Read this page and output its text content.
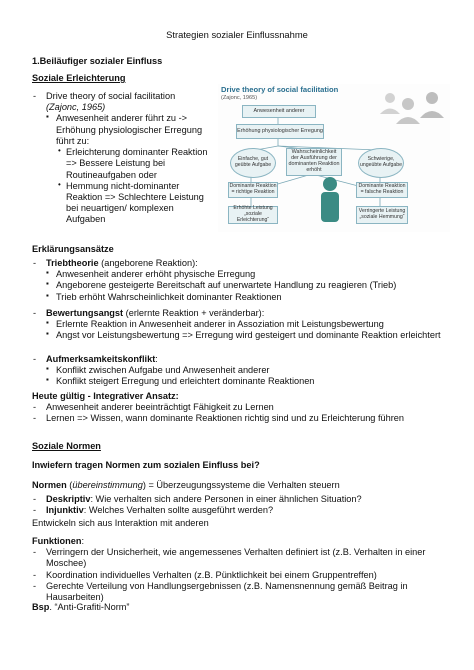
Strategien sozialer Einflussnahme
1.Beiläufiger sozialer Einfluss
Soziale Erleichterung
- Drive theory of social facilitation
(Zajonc, 1965)
▪ Anwesenheit anderer führt zu -> Erhöhung physiologischer Erregung führt zu:
• Erleichterung dominanter Reaktion => Bessere Leistung bei Routineaufgaben oder
• Hemmung nicht-dominanter Reaktion => Schlechtere Leistung bei neuartigen/ komplexen Aufgaben
Drive theory of social facilitation
(Zajonc, 1965)
Anwesenheit anderer
Erhöhung physiologischer Erregung
Einfache, gut geübte Aufgabe
Wahrscheinlichkeit der Ausführung der dominanten Reaktion erhöht
Schwierige, ungeübte Aufgabe
Dominante Reaktion = richtige Reaktion
Dominante Reaktion = falsche Reaktion
Erhöhte Leistung „soziale Erleichterung“
Verringerte Leistung „soziale Hemmung“
Erklärungsansätze
- Triebtheorie (angeborene Reaktion):
▪ Anwesenheit anderer erhöht physische Erregung
▪ Angeborene gesteigerte Bereitschaft auf unerwartete Handlung zu reagieren (Trieb)
▪ Trieb erhöht Wahrscheinlichkeit dominanter Reaktionen
- Bewertungsangst (erlernte Reaktion + veränderbar):
▪ Erlernte Reaktion in Anwesenheit anderer in Assoziation mit Leistungsbewertung
▪ Angst vor Leistungsbewertung => Erregung wird gesteigert und dominante Reaktion erleichtert
- Aufmerksamkeitskonflikt:
▪ Konflikt zwischen Aufgabe und Anwesenheit anderer
▪ Konflikt steigert Erregung und erleichtert dominante Reaktionen
Heute gültig - Integrativer Ansatz:
- Anwesenheit anderer beeinträchtigt Fähigkeit zu Lernen
- Lernen => Wissen, wann dominante Reaktionen richtig sind und zu Erleichterung führen
Soziale Normen
Inwiefern tragen Normen zum sozialen Einfluss bei?
Normen (übereinstimmung) = Überzeugungssysteme die Verhalten steuern
- Deskriptiv: Wie verhalten sich andere Personen in einer ähnlichen Situation?
- Injunktiv: Welches Verhalten sollte ausgeführt werden?
Entwickeln sich aus Interaktion mit anderen
Funktionen:
- Verringern der Unsicherheit, wie angemessenes Verhalten definiert ist (z.B. Verhalten in einer Moschee)
- Koordination individuelles Verhalten (z.B. Pünktlichkeit bei einem Gruppentreffen)
- Gerechte Verteilung von Handlungsergebnissen (z.B. Namensnennung gemäß Beitrag in Hausarbeiten)
Bsp. “Anti-Grafiti-Norm”
